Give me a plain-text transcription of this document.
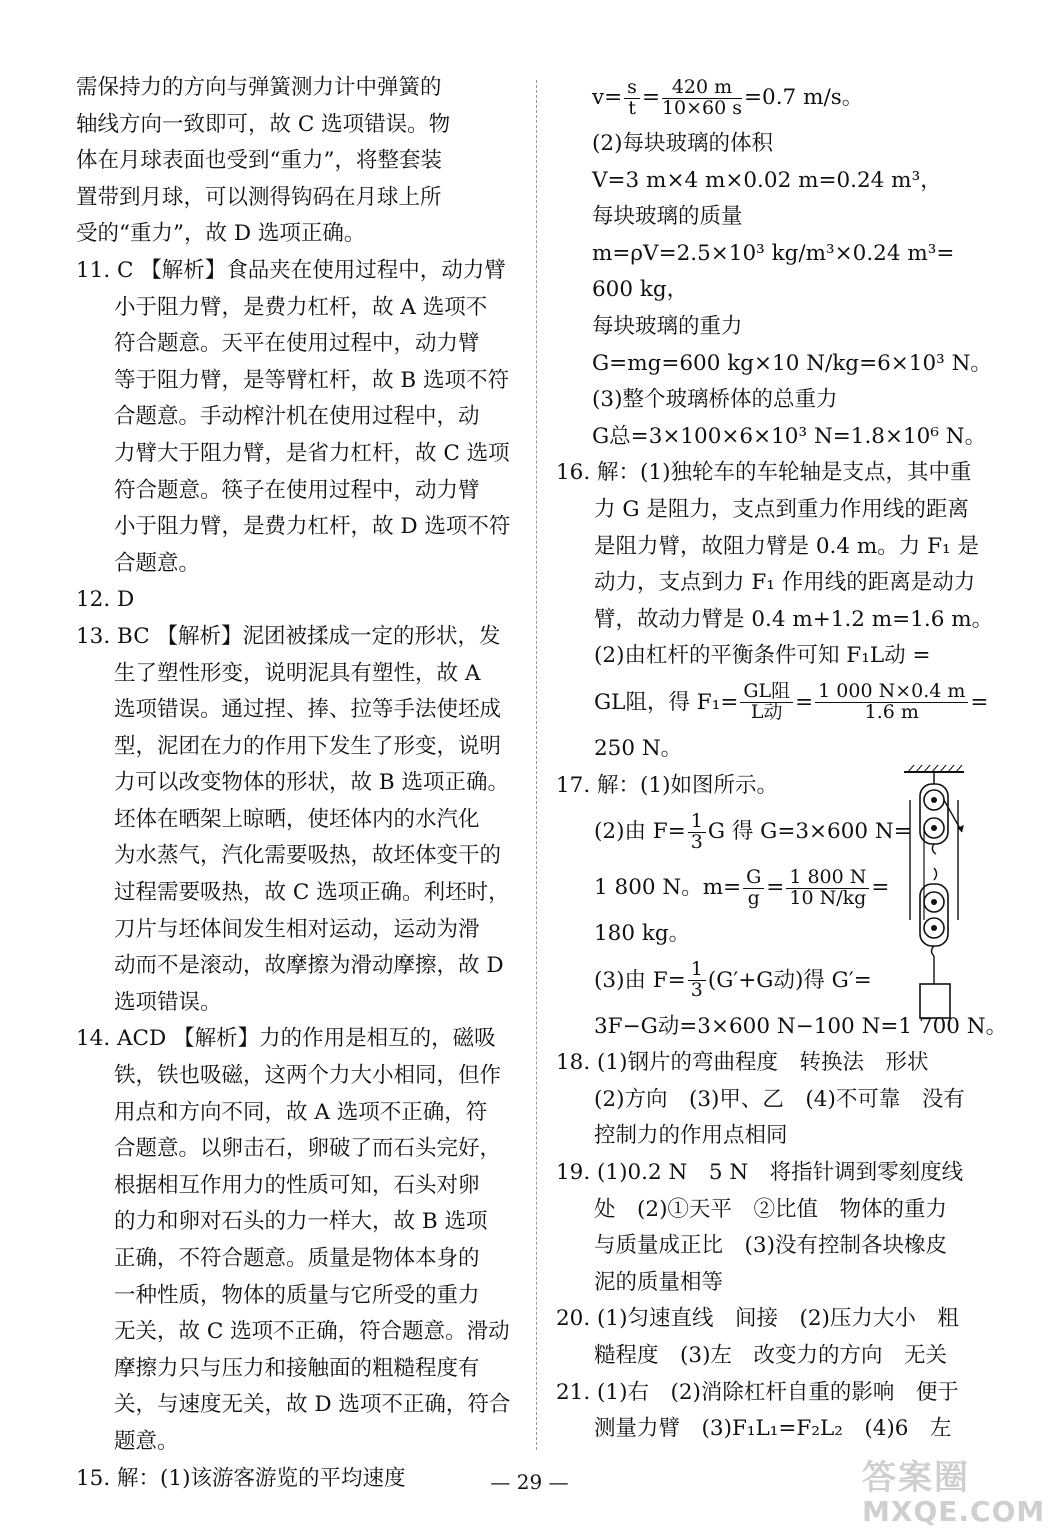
需保持力的方向与弹簧测力计中弹簧的
轴线方向一致即可，故 C 选项错误。物
体在月球表面也受到“重力”，将整套装
置带到月球，可以测得钩码在月球上所
受的“重力”，故 D 选项正确。
11. C 【解析】食品夹在使用过程中，动力臂
小于阻力臂，是费力杠杆，故 A 选项不
符合题意。天平在使用过程中，动力臂
等于阻力臂，是等臂杠杆，故 B 选项不符
合题意。手动榨汁机在使用过程中，动
力臂大于阻力臂，是省力杠杆，故 C 选项
符合题意。筷子在使用过程中，动力臂
小于阻力臂，是费力杠杆，故 D 选项不符
合题意。
12. D
13. BC 【解析】泥团被揉成一定的形状，发
生了塑性形变，说明泥具有塑性，故 A
选项错误。通过捏、捧、拉等手法使坯成
型，泥团在力的作用下发生了形变，说明
力可以改变物体的形状，故 B 选项正确。
坯体在晒架上晾晒，使坯体内的水汽化
为水蒸气，汽化需要吸热，故坯体变干的
过程需要吸热，故 C 选项正确。利坯时，
刀片与坯体间发生相对运动，运动为滑
动而不是滚动，故摩擦为滑动摩擦，故 D
选项错误。
14. ACD 【解析】力的作用是相互的，磁吸
铁，铁也吸磁，这两个力大小相同，但作
用点和方向不同，故 A 选项不正确，符
合题意。以卵击石，卵破了而石头完好，
根据相互作用力的性质可知，石头对卵
的力和卵对石头的力一样大，故 B 选项
正确，不符合题意。质量是物体本身的
一种性质，物体的质量与它所受的重力
无关，故 C 选项不正确，符合题意。滑动
摩擦力只与压力和接触面的粗糙程度有
关，与速度无关，故 D 选项不正确，符合
题意。
15. 解：(1)该游客游览的平均速度
$v= \frac{s}{t} = \frac{420 m}{10\times 60 s} =0.7$ m/s。
(2)每块玻璃的体积
V=3 m×4 m×0.02 m=0.24 m³，
每块玻璃的质量
m=ρV=2.5×10³ kg/m³×0.24 m³=
600 kg，
每块玻璃的重力
G=mg=600 kg×10 N/kg=6×10³ N。
(3)整个玻璃桥体的总重力
G总=3×100×6×10³ N=1.8×10⁶ N。
16. 解：(1)独轮车的车轮轴是支点，其中重
力 G 是阻力，支点到重力作用线的距离
是阻力臂，故阻力臂是 0.4 m。力 F₁ 是
动力，支点到力 F₁ 作用线的距离是动力
臂，故动力臂是 0.4 m+1.2 m=1.6 m。
(2)由杠杆的平衡条件可知 F₁L动 =
GL阻，得 $F_1= \frac{\text{GL阻}}{\text{L动}} = \frac{1 000 N\times 0.4 m}{1.6 m}$ =
250 N。
17. 解：(1)如图所示。
(2)由 $F= \frac{1}{3}$ G 得 G=3×600 N=
1 800 N。$m= \frac{G}{g} = \frac{1 800 N}{10 N/kg}$ =
180 kg。
(3)由 $F= \frac{1}{3} (G'+G$动)得 G′=
3F−G动=3×600 N−100 N=1 700 N。
18. (1)钢片的弯曲程度　转换法　形状
(2)方向　(3)甲、乙　(4)不可靠　没有
控制力的作用点相同
19. (1)0.2 N　5 N　将指针调到零刻度线
处　(2)①天平　②比值　物体的重力
与质量成正比　(3)没有控制各块橡皮
泥的质量相等
20. (1)匀速直线　间接　(2)压力大小　粗
糙程度　(3)左　改变力的方向　无关
21. (1)右　(2)消除杠杆自重的影响　便于
测量力臂　(3)F₁L₁=F₂L₂　(4)6　左
— 29 —	答案圈
MXQE.COM
